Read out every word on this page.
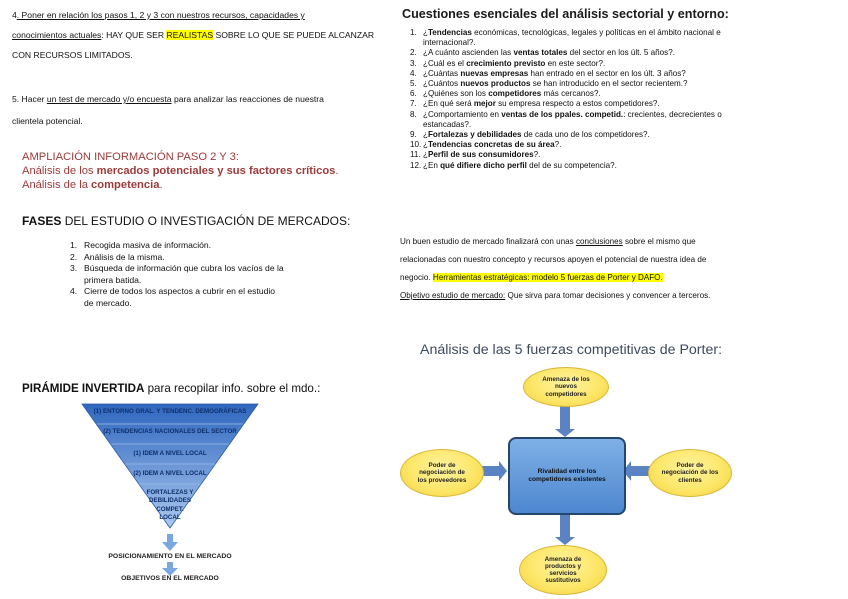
4. Poner en relación los pasos 1, 2 y 3 con nuestros recursos, capacidades y
conocimientos actuales: HAY QUE SER REALISTAS SOBRE LO QUE SE PUEDE ALCANZAR
CON RECURSOS LIMITADOS.
5. Hacer un test de mercado y/o encuesta para analizar las reacciones de nuestra
clientela potencial.
AMPLIACIÓN INFORMACIÓN PASO 2 Y 3:
Análisis de los mercados potenciales y sus factores críticos.
Análisis de la competencia.
FASES DEL ESTUDIO O INVESTIGACIÓN DE MERCADOS:
1. Recogida masiva de información.
2. Análisis de la misma.
3. Búsqueda de información que cubra los vacíos de la primera batida.
4. Cierre de todos los aspectos a cubrir en el estudio de mercado.
PIRÁMIDE INVERTIDA para recopilar info. sobre el mdo.:
(1) ENTORNO GRAL. Y TENDENC. DEMOGRÁFICAS
(2) TENDENCIAS NACIONALES DEL SECTOR
(1) IDEM A NIVEL LOCAL
(2) IDEM A NIVEL LOCAL
FORTALEZAS Y
DEBILIDADES
COMPET.
LOCAL
POSICIONAMIENTO EN EL MERCADO
OBJETIVOS EN EL MERCADO
Cuestiones esenciales del análisis sectorial y entorno:
1. ¿Tendencias económicas, tecnológicas, legales y políticas en el ámbito nacional e internacional?.
2. ¿A cuánto ascienden las ventas totales del sector en los últ. 5 años?.
3. ¿Cuál es el crecimiento previsto en este sector?.
4. ¿Cuántas nuevas empresas han entrado en el sector en los últ. 3 años?
5. ¿Cuántos nuevos productos se han introducido en el sector recientem.?
6. ¿Quiénes son los competidores más cercanos?.
7. ¿En qué será mejor su empresa respecto a estos competidores?.
8. ¿Comportamiento en ventas de los ppales. competid.: crecientes, decrecientes o estancadas?.
9. ¿Fortalezas y debilidades de cada uno de los competidores?.
10. ¿Tendencias concretas de su área?.
11. ¿Perfil de sus consumidores?.
12. ¿En qué difiere dicho perfil del de su competencia?.
Un buen estudio de mercado finalizará con unas conclusiones sobre el mismo que
relacionadas con nuestro concepto y recursos apoyen el potencial de nuestra idea de
negocio. Herramientas estratégicas: modelo 5 fuerzas de Porter y DAFO.
Objetivo estudio de mercado: Que sirva para tomar decisiones y convencer a terceros.
Análisis de las 5 fuerzas competitivas de Porter:
Amenaza de los nuevos competidores
Poder de negociación de los proveedores
Rivalidad entre los competidores existentes
Poder de negociación de los clientes
Amenaza de productos y servicios sustitutivos
